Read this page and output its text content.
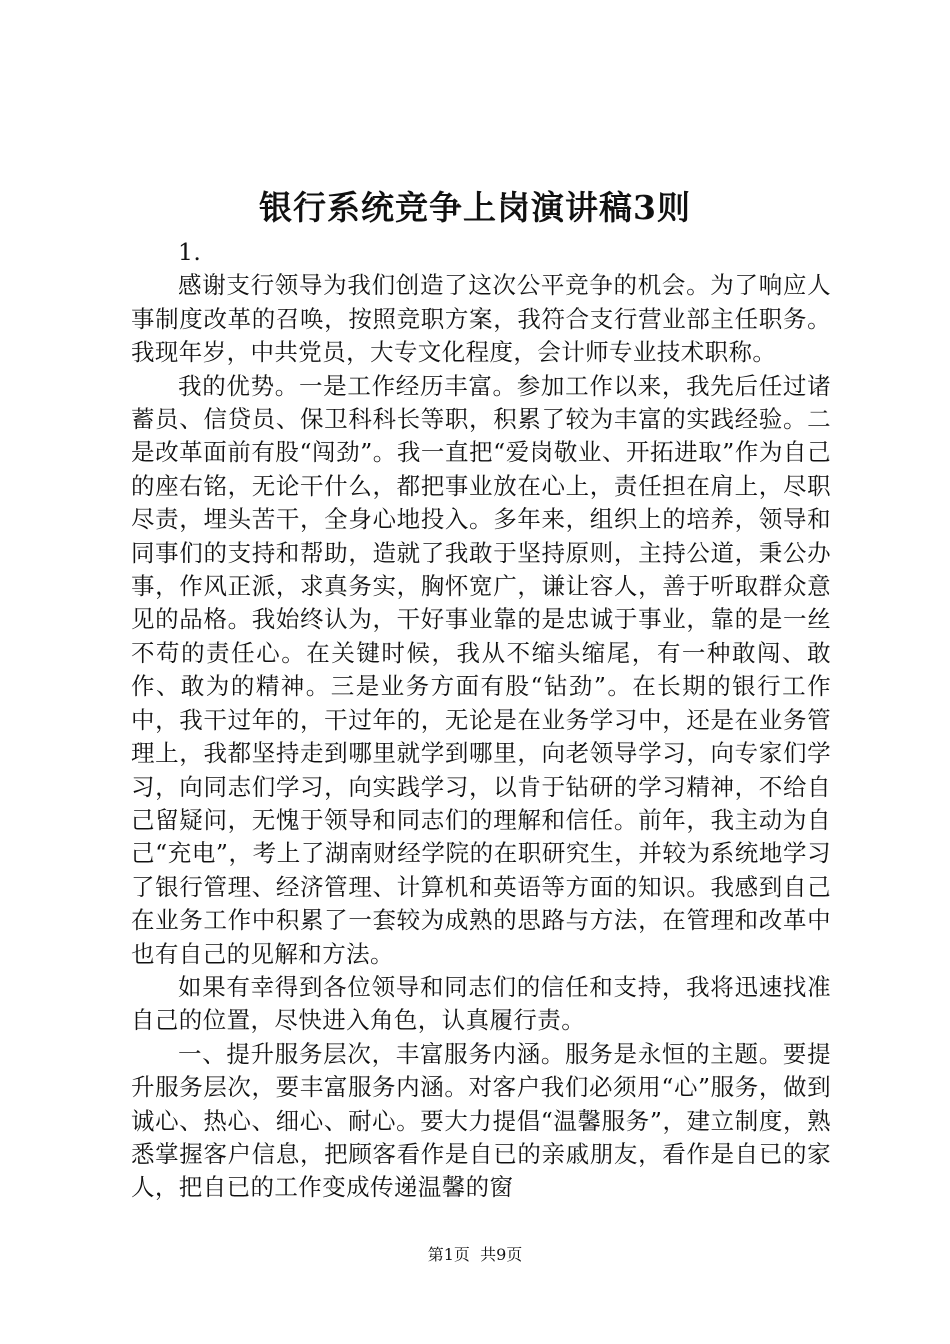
银行系统竞争上岗演讲稿3则

1.

感谢支行领导为我们创造了这次公平竞争的机会。为了响应人事制度改革的召唤，按照竞职方案，我符合支行营业部主任职务。我现年岁，中共党员，大专文化程度，会计师专业技术职称。

我的优势。一是工作经历丰富。参加工作以来，我先后任过诸蓄员、信贷员、保卫科科长等职，积累了较为丰富的实践经验。二是改革面前有股“闯劲”。我一直把“爱岗敬业、开拓进取”作为自己的座右铭，无论干什么，都把事业放在心上，责任担在肩上，尽职尽责，埋头苦干，全身心地投入。多年来，组织上的培养，领导和同事们的支持和帮助，造就了我敢于坚持原则，主持公道，秉公办事，作风正派，求真务实，胸怀宽广，谦让容人，善于听取群众意见的品格。我始终认为，干好事业靠的是忠诚于事业，靠的是一丝不苟的责任心。在关键时候，我从不缩头缩尾，有一种敢闯、敢作、敢为的精神。三是业务方面有股“钻劲”。在长期的银行工作中，我干过年的，干过年的，无论是在业务学习中，还是在业务管理上，我都坚持走到哪里就学到哪里，向老领导学习，向专家们学习，向同志们学习，向实践学习，以肯于钻研的学习精神，不给自己留疑问，无愧于领导和同志们的理解和信任。前年，我主动为自己“充电”，考上了湖南财经学院的在职研究生，并较为系统地学习了银行管理、经济管理、计算机和英语等方面的知识。我感到自己在业务工作中积累了一套较为成熟的思路与方法，在管理和改革中也有自己的见解和方法。

如果有幸得到各位领导和同志们的信任和支持，我将迅速找准自己的位置，尽快进入角色，认真履行责。

一、提升服务层次，丰富服务内涵。服务是永恒的主题。要提升服务层次，要丰富服务内涵。对客户我们必须用“心”服务，做到诚心、热心、细心、耐心。要大力提倡“温馨服务”，建立制度，熟悉掌握客户信息，把顾客看作是自已的亲戚朋友，看作是自已的家人，把自已的工作变成传递温馨的窗

第1页 共9页
